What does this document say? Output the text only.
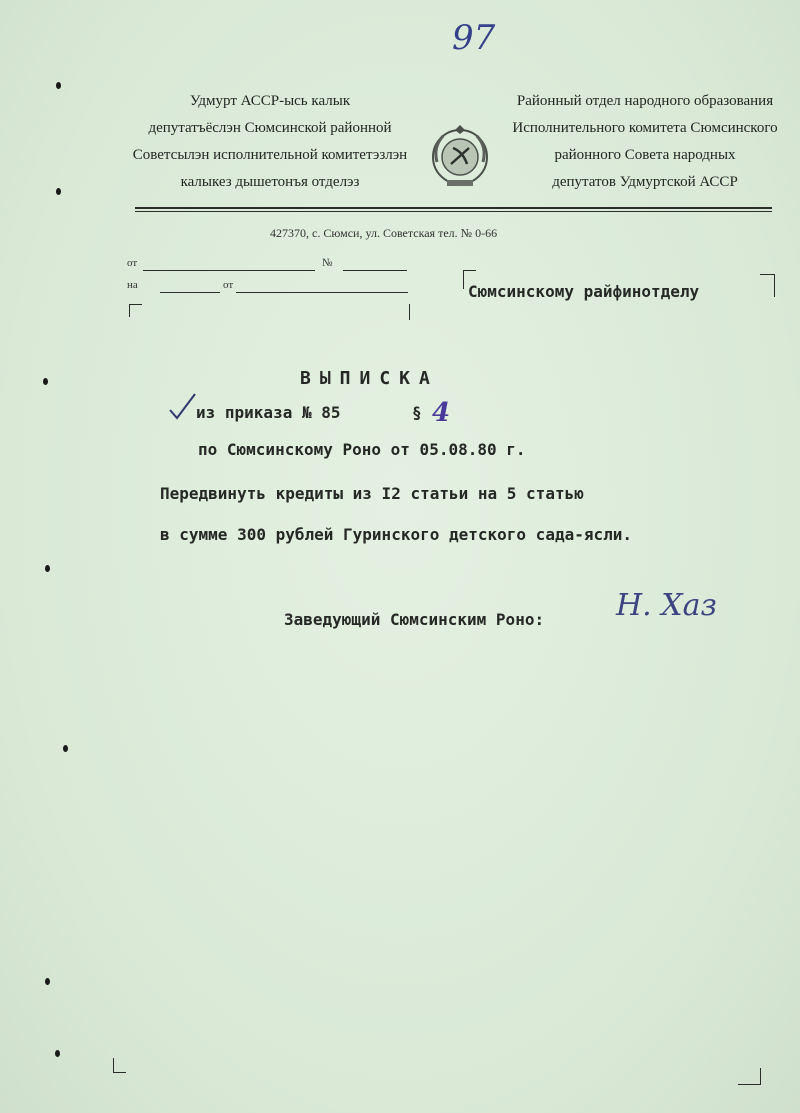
97
Удмурт АССР-ысь калык
депутатъёслэн Сюмсинской районной
Советсылэн исполнительной комитетэзлэн
калыкез дышетонъя отделэз
Районный отдел народного образования
Исполнительного комитета Сюмсинского
районного Совета народных
депутатов Удмуртской АССР
427370, с. Сюмси, ул. Советская тел. № 0-66
от	№
на	от	Сюмсинскому райфинотделу
ВЫПИСКА
из приказа № 85	§ 4
по Сюмсинскому Роно от 05.08.80 г.
Передвинуть кредиты из I2 статьи на 5 статью
в сумме 300 рублей Гуринского детского сада-ясли.
Заведующий Сюмсинским Роно: Н. Хаз
